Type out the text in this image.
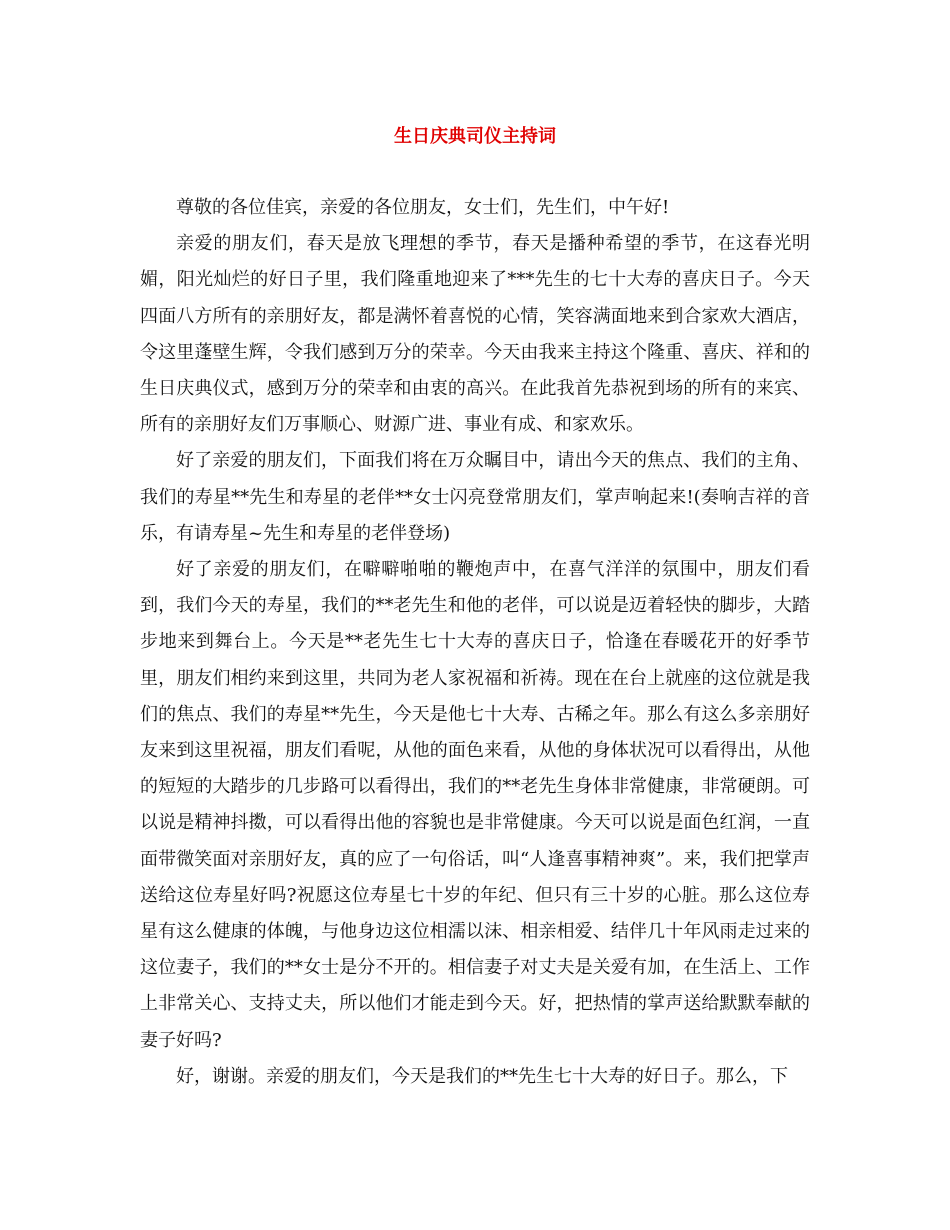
生日庆典司仪主持词

尊敬的各位佳宾，亲爱的各位朋友，女士们，先生们，中午好!

亲爱的朋友们，春天是放飞理想的季节，春天是播种希望的季节，在这春光明媚，阳光灿烂的好日子里，我们隆重地迎来了***先生的七十大寿的喜庆日子。今天四面八方所有的亲朋好友，都是满怀着喜悦的心情，笑容满面地来到合家欢大酒店，令这里蓬壁生辉，令我们感到万分的荣幸。今天由我来主持这个隆重、喜庆、祥和的生日庆典仪式，感到万分的荣幸和由衷的高兴。在此我首先恭祝到场的所有的来宾、所有的亲朋好友们万事顺心、财源广进、事业有成、和家欢乐。

好了亲爱的朋友们，下面我们将在万众瞩目中，请出今天的焦点、我们的主角、我们的寿星**先生和寿星的老伴**女士闪亮登常朋友们，掌声响起来!(奏响吉祥的音乐，有请寿星~先生和寿星的老伴登场)

好了亲爱的朋友们，在噼噼啪啪的鞭炮声中，在喜气洋洋的氛围中，朋友们看到，我们今天的寿星，我们的**老先生和他的老伴，可以说是迈着轻快的脚步，大踏步地来到舞台上。今天是**老先生七十大寿的喜庆日子，恰逢在春暖花开的好季节里，朋友们相约来到这里，共同为老人家祝福和祈祷。现在在台上就座的这位就是我们的焦点、我们的寿星**先生，今天是他七十大寿、古稀之年。那么有这么多亲朋好友来到这里祝福，朋友们看呢，从他的面色来看，从他的身体状况可以看得出，从他的短短的大踏步的几步路可以看得出，我们的**老先生身体非常健康，非常硬朗。可以说是精神抖擞，可以看得出他的容貌也是非常健康。今天可以说是面色红润，一直面带微笑面对亲朋好友，真的应了一句俗话，叫“人逢喜事精神爽”。来，我们把掌声送给这位寿星好吗?祝愿这位寿星七十岁的年纪、但只有三十岁的心脏。那么这位寿星有这么健康的体魄，与他身边这位相濡以沫、相亲相爱、结伴几十年风雨走过来的这位妻子，我们的**女士是分不开的。相信妻子对丈夫是关爱有加，在生活上、工作上非常关心、支持丈夫，所以他们才能走到今天。好，把热情的掌声送给默默奉献的妻子好吗?

好，谢谢。亲爱的朋友们，今天是我们的**先生七十大寿的好日子。那么，下
